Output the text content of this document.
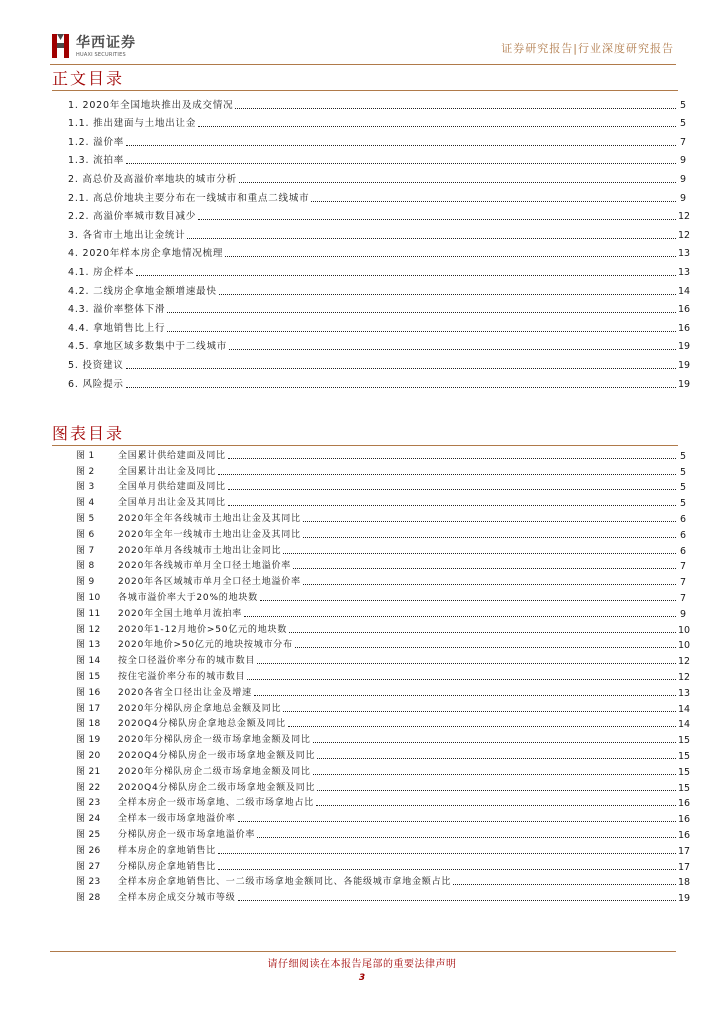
华西证券
HUAXI SECURITIES	证券研究报告|行业深度研究报告
正文目录
1. 2020年全国地块推出及成交情况	5
1.1. 推出建面与土地出让金	5
1.2. 溢价率	7
1.3. 流拍率	9
2. 高总价及高溢价率地块的城市分析	9
2.1. 高总价地块主要分布在一线城市和重点二线城市	9
2.2. 高溢价率城市数目减少	12
3. 各省市土地出让金统计	12
4. 2020年样本房企拿地情况梳理	13
4.1. 房企样本	13
4.2. 二线房企拿地金额增速最快	14
4.3. 溢价率整体下滑	16
4.4. 拿地销售比上行	16
4.5. 拿地区域多数集中于二线城市	19
5. 投资建议	19
6. 风险提示	19
图表目录
图 1	全国累计供给建面及同比	5
图 2	全国累计出让金及同比	5
图 3	全国单月供给建面及同比	5
图 4	全国单月出让金及其同比	5
图 5	2020年全年各线城市土地出让金及其同比	6
图 6	2020年全年一线城市土地出让金及其同比	6
图 7	2020年单月各线城市土地出让金同比	6
图 8	2020年各线城市单月全口径土地溢价率	7
图 9	2020年各区域城市单月全口径土地溢价率	7
图 10	各城市溢价率大于20%的地块数	7
图 11	2020年全国土地单月流拍率	9
图 12	2020年1-12月地价>50亿元的地块数	10
图 13	2020年地价>50亿元的地块按城市分布	10
图 14	按全口径溢价率分布的城市数目	12
图 15	按住宅溢价率分布的城市数目	12
图 16	2020各省全口径出让金及增速	13
图 17	2020年分梯队房企拿地总金额及同比	14
图 18	2020Q4分梯队房企拿地总金额及同比	14
图 19	2020年分梯队房企一级市场拿地金额及同比	15
图 20	2020Q4分梯队房企一级市场拿地金额及同比	15
图 21	2020年分梯队房企二级市场拿地金额及同比	15
图 22	2020Q4分梯队房企二级市场拿地金额及同比	15
图 23	全样本房企一级市场拿地、二级市场拿地占比	16
图 24	全样本一级市场拿地溢价率	16
图 25	分梯队房企一级市场拿地溢价率	16
图 26	样本房企的拿地销售比	17
图 27	分梯队房企拿地销售比	17
图 23	全样本房企拿地销售比、一二级市场拿地金额同比、各能级城市拿地金额占比	18
图 28	全样本房企成交分城市等级	19
请仔细阅读在本报告尾部的重要法律声明
3
